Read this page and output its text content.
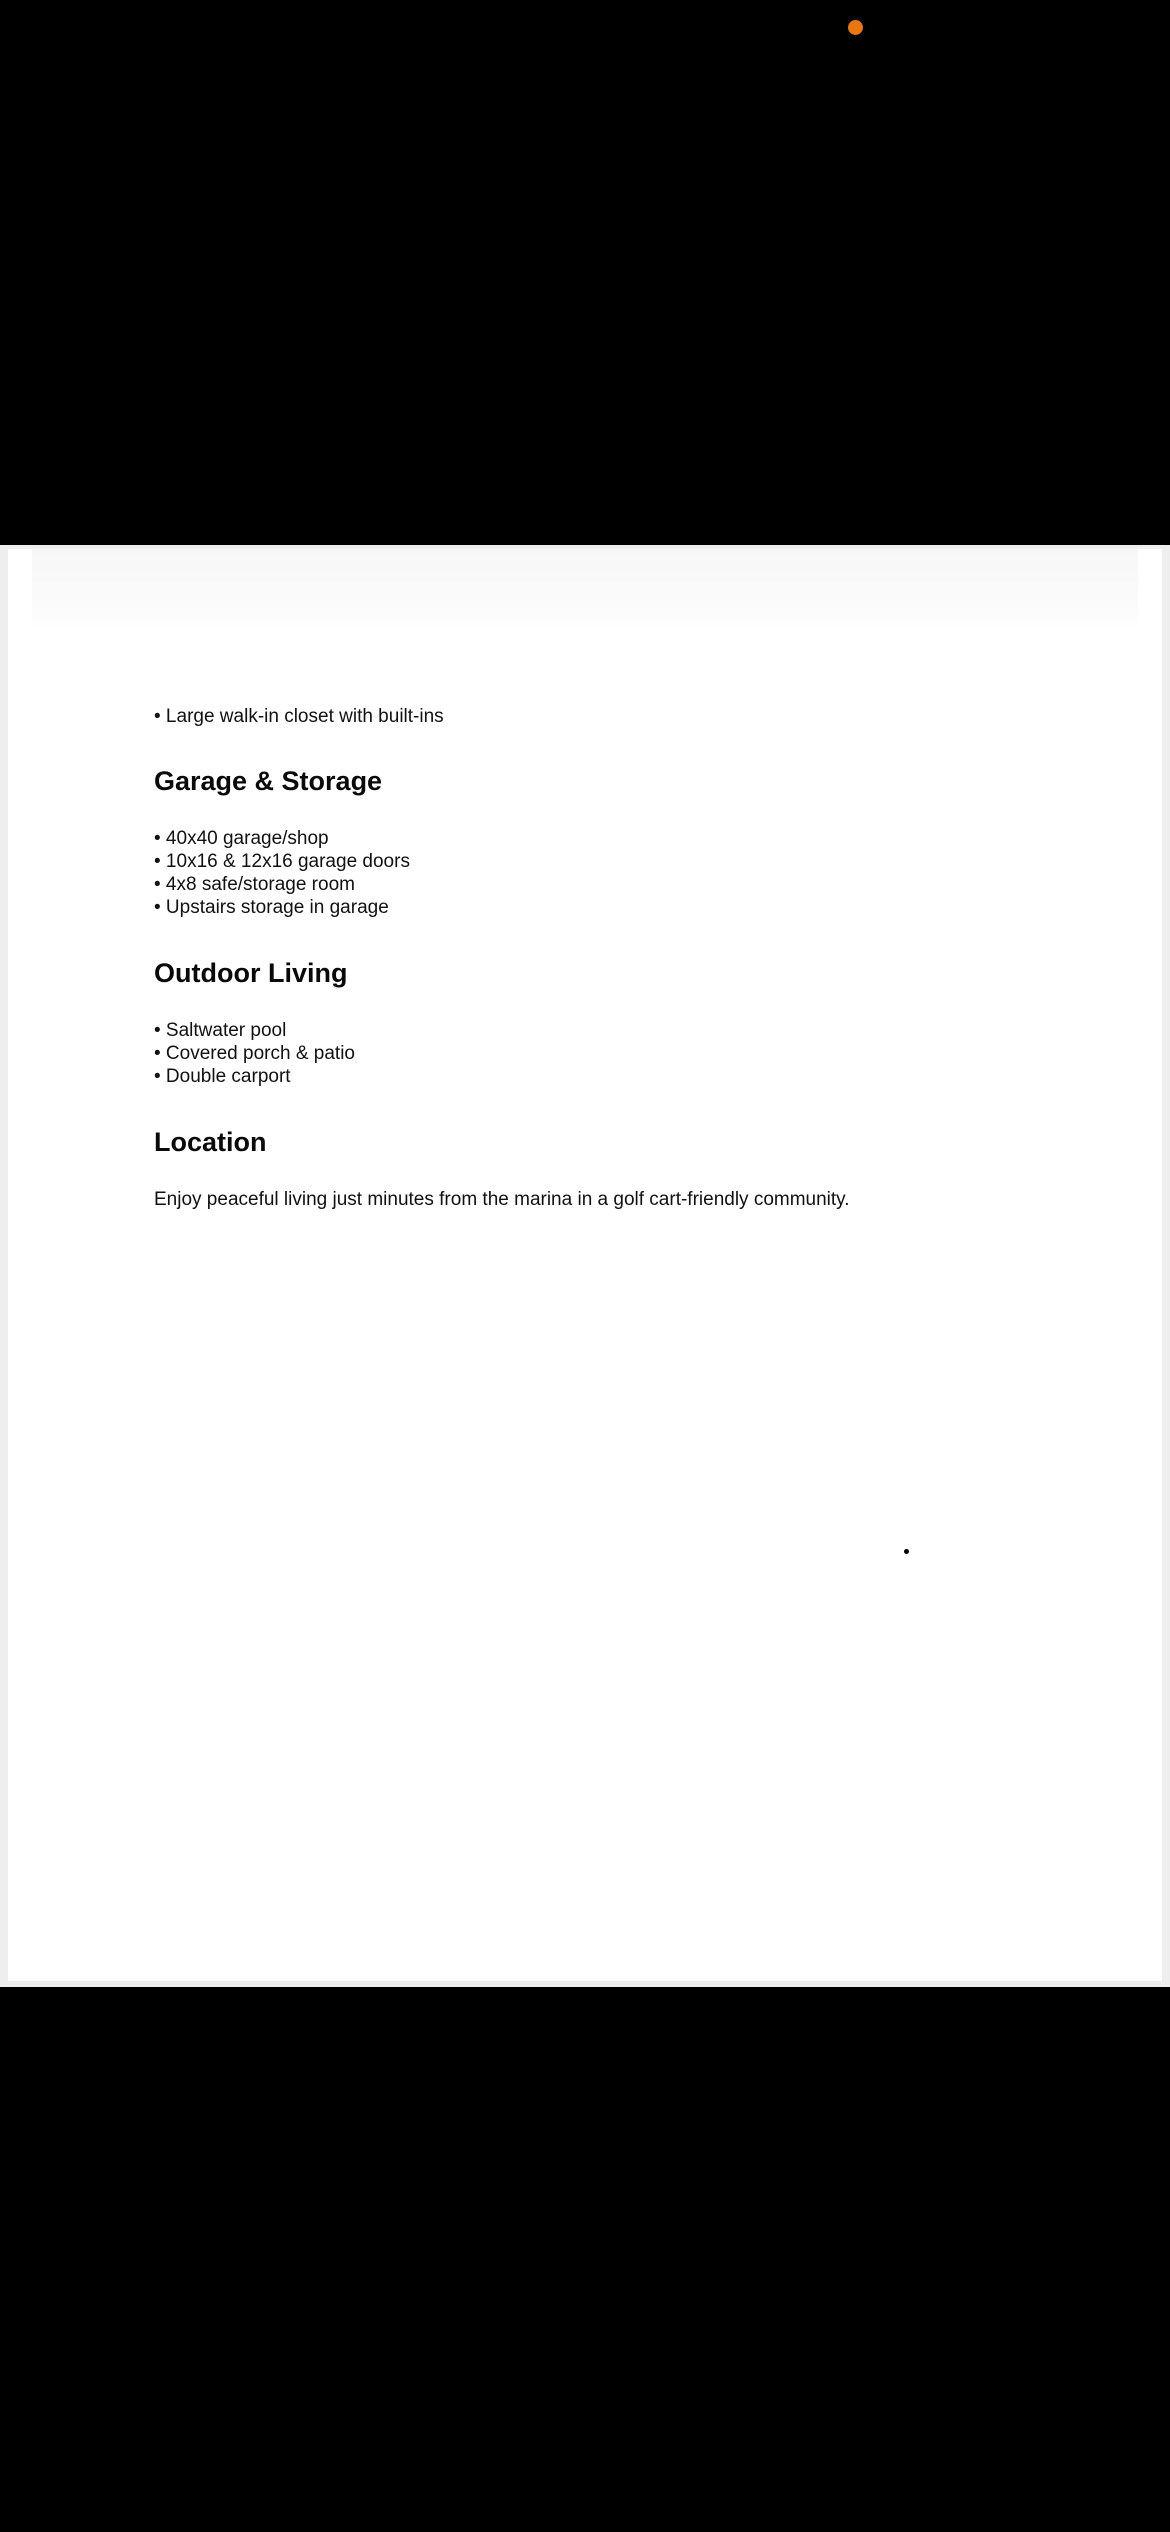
• Large walk-in closet with built-ins

Garage & Storage

• 40x40 garage/shop

• 10x16 & 12x16 garage doors

• 4x8 safe/storage room

• Upstairs storage in garage

Outdoor Living

• Saltwater pool

• Covered porch & patio

• Double carport

Location

Enjoy peaceful living just minutes from the marina in a golf cart-friendly community.
